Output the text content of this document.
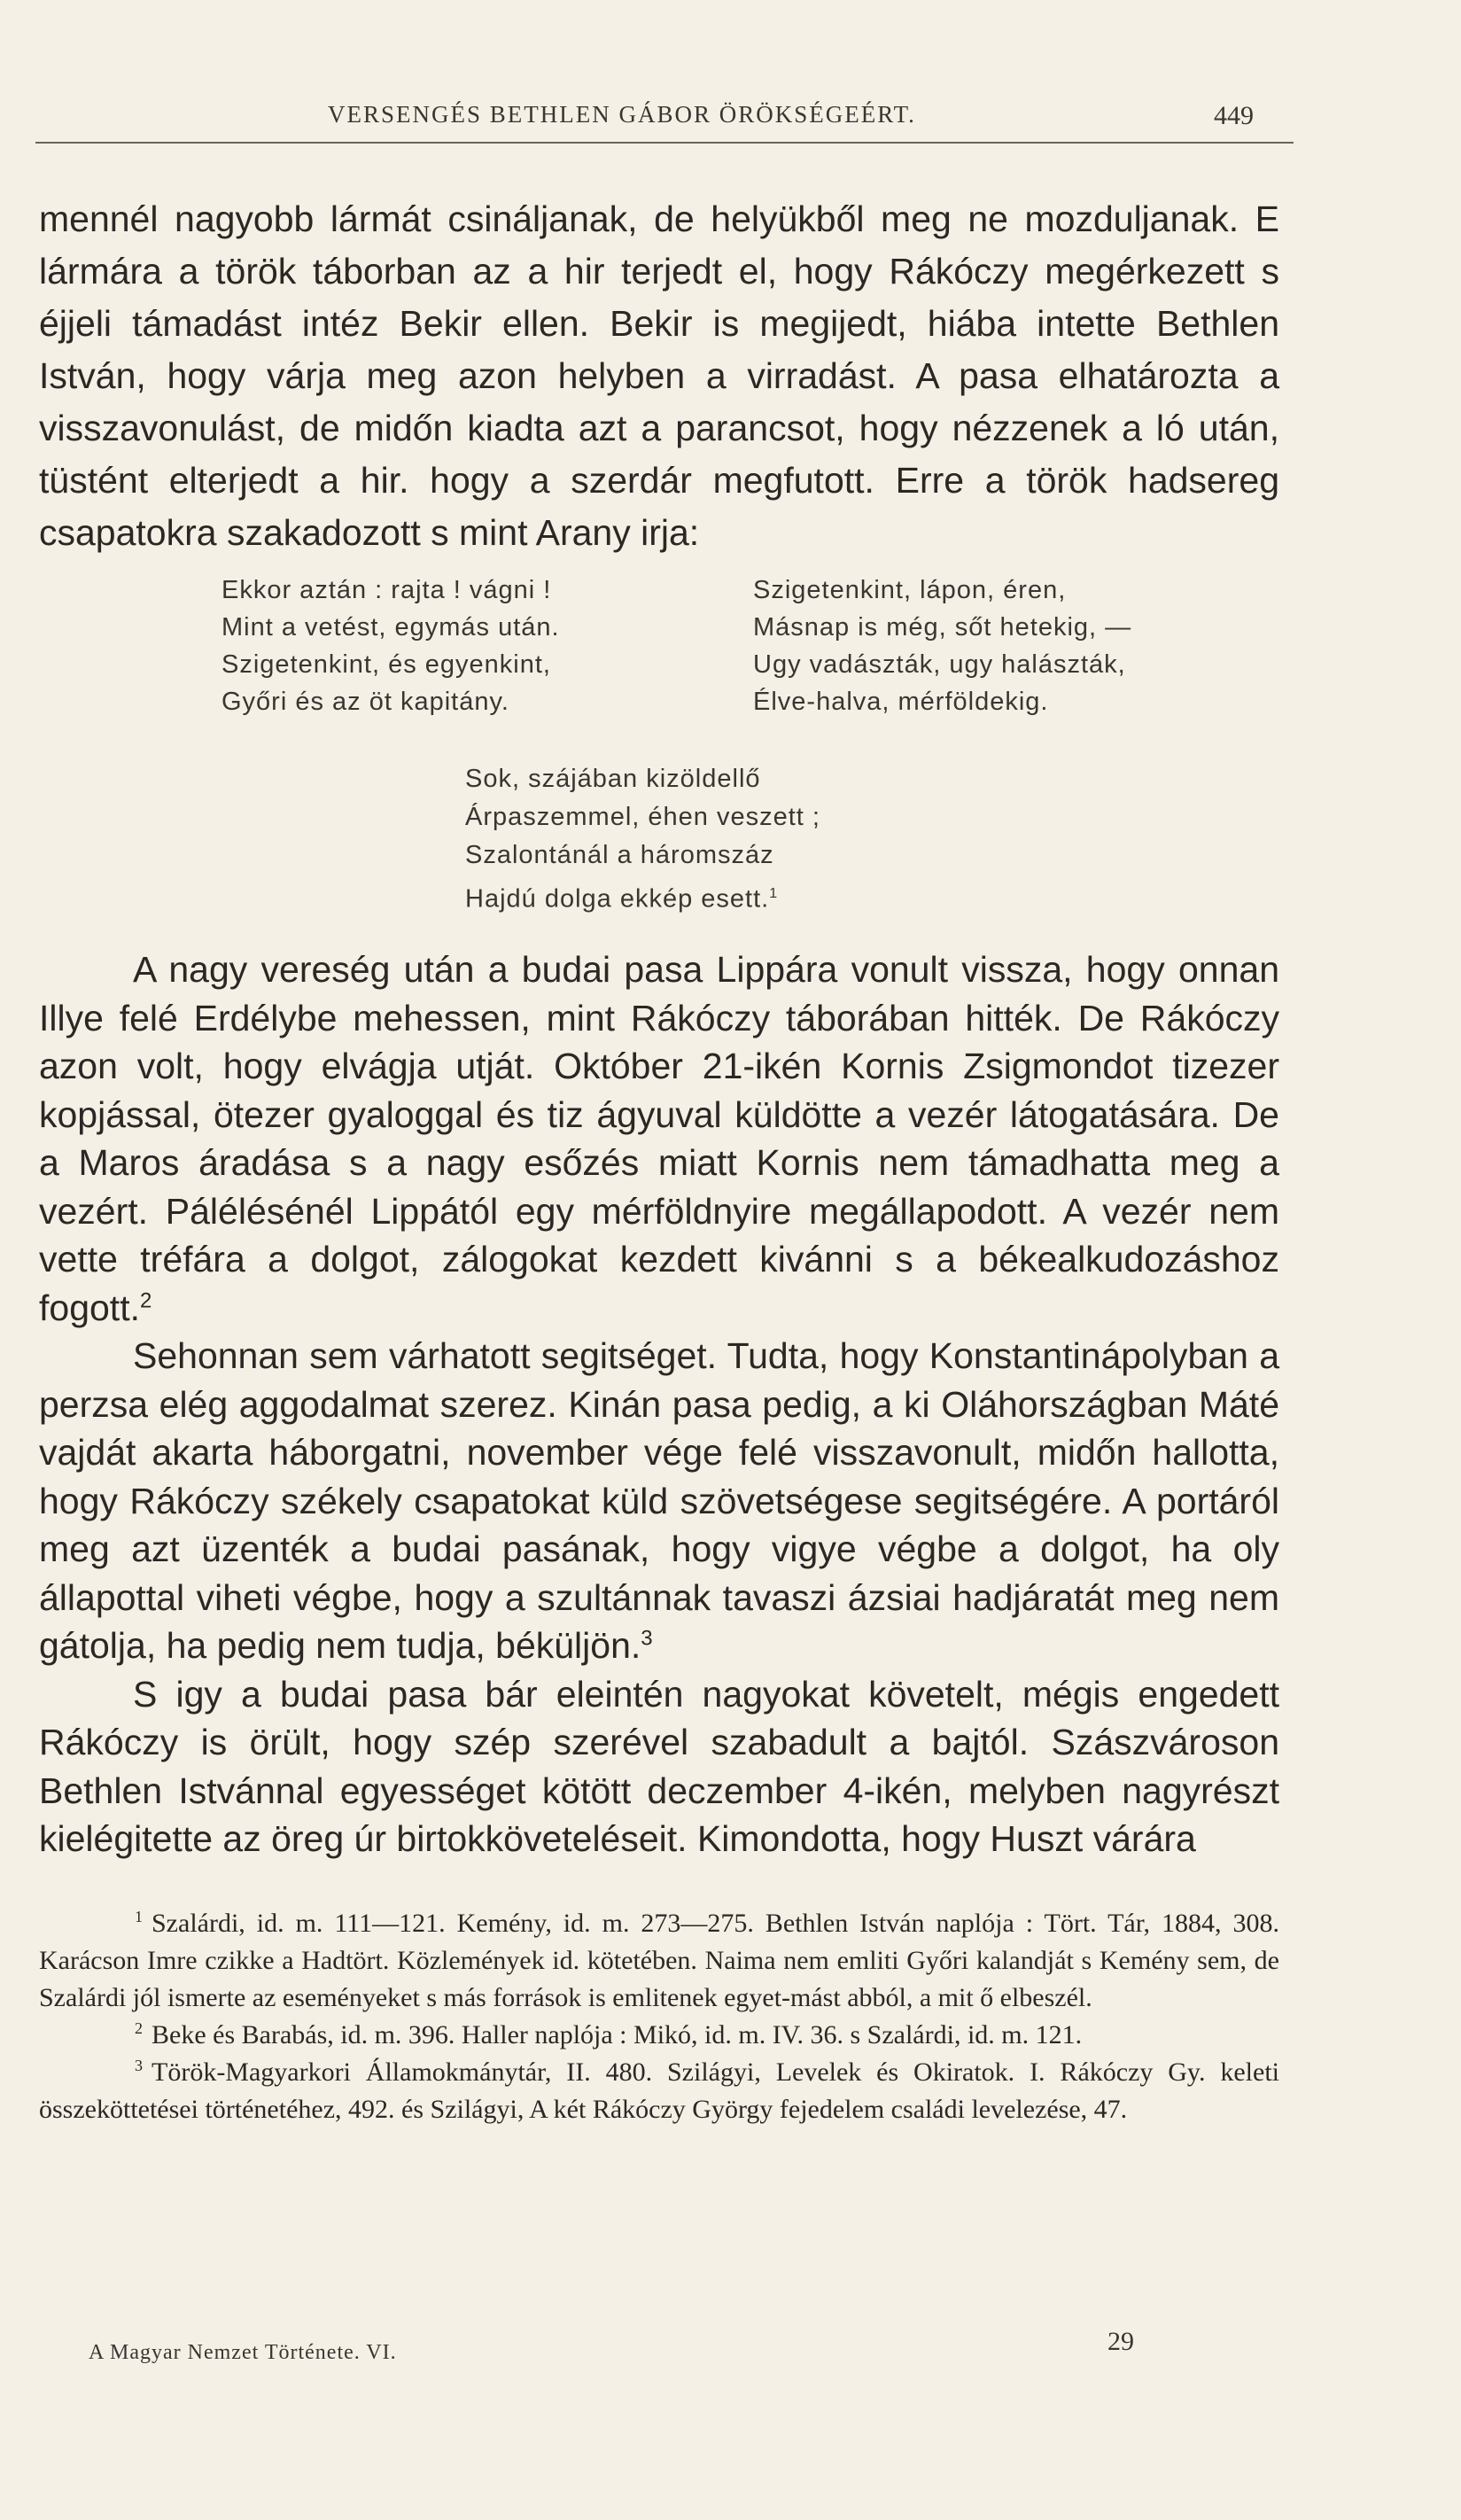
VERSENGÉS BETHLEN GÁBOR ÖRÖKSÉGEÉRT.	449

mennél nagyobb lármát csináljanak, de helyükből meg ne mozduljanak. E lármára a török táborban az a hir terjedt el, hogy Rákóczy megérkezett s éjjeli támadást intéz Bekir ellen. Bekir is megijedt, hiába intette Bethlen István, hogy várja meg azon helyben a virradást. A pasa elhatározta a visszavonulást, de midőn kiadta azt a parancsot, hogy nézzenek a ló után, tüstént elterjedt a hir. hogy a szerdár megfutott. Erre a török hadsereg csapatokra szakadozott s mint Arany irja:

Ekkor aztán : rajta ! vágni !
Mint a vetést, egymás után.
Szigetenkint, és egyenkint,
Győri és az öt kapitány.
Szigetenkint, lápon, éren,
Másnap is még, sőt hetekig, —
Ugy vadászták, ugy halászták,
Élve-halva, mérföldekig.
Sok, szájában kizöldellő
Árpaszemmel, éhen veszett ;
Szalontánál a háromszáz
Hajdú dolga ekkép esett.$^1$

A nagy vereség után a budai pasa Lippára vonult vissza, hogy onnan Illye felé Erdélybe mehessen, mint Rákóczy táborában hitték. De Rákóczy azon volt, hogy elvágja utját. Október 21-ikén Kornis Zsigmondot tizezer kopjással, ötezer gyaloggal és tiz ágyuval küldötte a vezér látogatására. De a Maros áradása s a nagy esőzés miatt Kornis nem támadhatta meg a vezért. Pálélésénél Lippától egy mérföldnyire megállapodott. A vezér nem vette tréfára a dolgot, zálogokat kezdett kivánni s a békealkudozáshoz fogott.$^2$

Sehonnan sem várhatott segitséget. Tudta, hogy Konstantinápolyban a perzsa elég aggodalmat szerez. Kinán pasa pedig, a ki Oláhországban Máté vajdát akarta háborgatni, november vége felé visszavonult, midőn hallotta, hogy Rákóczy székely csapatokat küld szövetségese segitségére. A portáról meg azt üzenték a budai pasának, hogy vigye végbe a dolgot, ha oly állapottal viheti végbe, hogy a szultánnak tavaszi ázsiai hadjáratát meg nem gátolja, ha pedig nem tudja, béküljön.$^3$

S igy a budai pasa bár eleintén nagyokat követelt, mégis engedett Rákóczy is örült, hogy szép szerével szabadult a bajtól. Szászvároson Bethlen Istvánnal egyességet kötött deczember 4-ikén, melyben nagyrészt kielégitette az öreg úr birtokköveteléseit. Kimondotta, hogy Huszt várára

$^1$ Szalárdi, id. m. 111—121. Kemény, id. m. 273—275. Bethlen István naplója : Tört. Tár, 1884, 308. Karácson Imre czikke a Hadtört. Közlemények id. kötetében. Naima nem emliti Győri kalandját s Kemény sem, de Szalárdi jól ismerte az eseményeket s más források is emlitenek egyet-mást abból, a mit ő elbeszél.

$^2$ Beke és Barabás, id. m. 396. Haller naplója : Mikó, id. m. IV. 36. s Szalárdi, id. m. 121.

$^3$ Török-Magyarkori Államokmánytár, II. 480. Szilágyi, Levelek és Okiratok. I. Rákóczy Gy. keleti összeköttetései történetéhez, 492. és Szilágyi, A két Rákóczy György fejedelem családi levelezése, 47.

A Magyar Nemzet Története. VI.	29
